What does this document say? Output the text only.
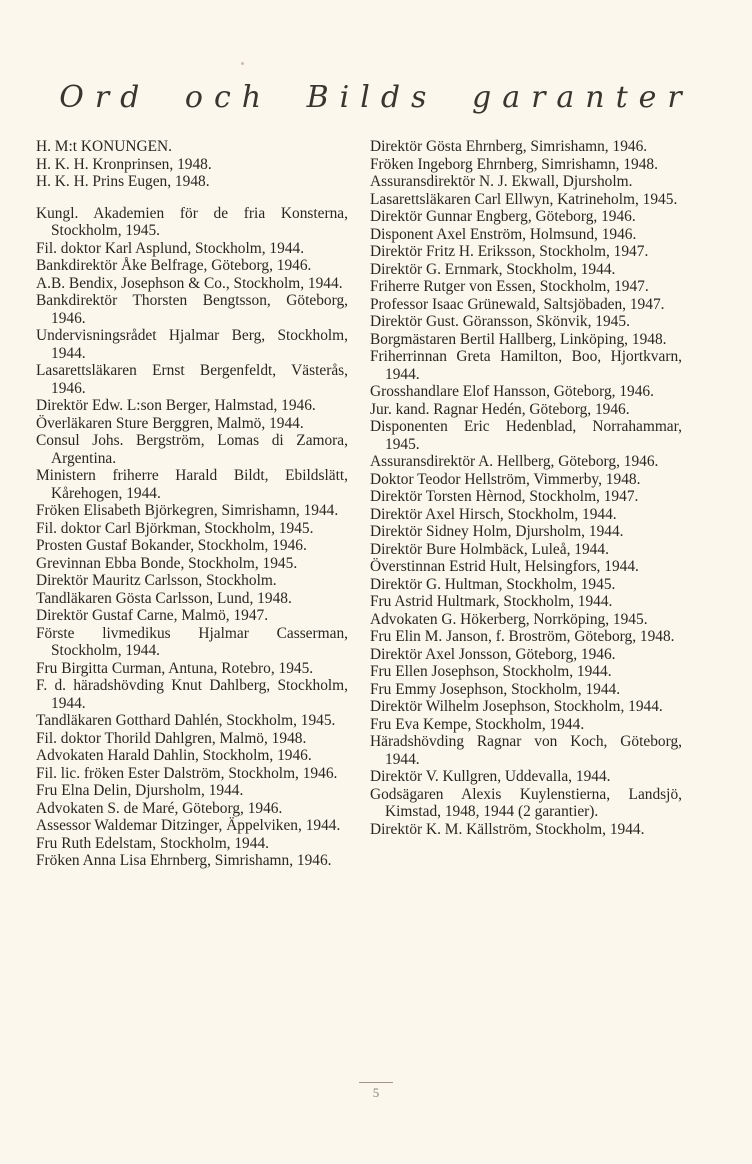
Ord och Bilds garanter

H. M:t KONUNGEN.

H. K. H. Kronprinsen, 1948.

H. K. H. Prins Eugen, 1948.

Kungl. Akademien för de fria Konsterna, Stockholm, 1945.

Fil. doktor Karl Asplund, Stockholm, 1944.

Bankdirektör Åke Belfrage, Göteborg, 1946.

A.B. Bendix, Josephson & Co., Stockholm, 1944.

Bankdirektör Thorsten Bengtsson, Göteborg, 1946.

Undervisningsrådet Hjalmar Berg, Stockholm, 1944.

Lasarettsläkaren Ernst Bergenfeldt, Västerås, 1946.

Direktör Edw. L:son Berger, Halmstad, 1946.

Överläkaren Sture Berggren, Malmö, 1944.

Consul Johs. Bergström, Lomas di Zamora, Argentina.

Ministern friherre Harald Bildt, Ebildslätt, Kårehogen, 1944.

Fröken Elisabeth Björkegren, Simrishamn, 1944.

Fil. doktor Carl Björkman, Stockholm, 1945.

Prosten Gustaf Bokander, Stockholm, 1946.

Grevinnan Ebba Bonde, Stockholm, 1945.

Direktör Mauritz Carlsson, Stockholm.

Tandläkaren Gösta Carlsson, Lund, 1948.

Direktör Gustaf Carne, Malmö, 1947.

Förste livmedikus Hjalmar Casserman, Stockholm, 1944.

Fru Birgitta Curman, Antuna, Rotebro, 1945.

F. d. häradshövding Knut Dahlberg, Stockholm, 1944.

Tandläkaren Gotthard Dahlén, Stockholm, 1945.

Fil. doktor Thorild Dahlgren, Malmö, 1948.

Advokaten Harald Dahlin, Stockholm, 1946.

Fil. lic. fröken Ester Dalström, Stockholm, 1946.

Fru Elna Delin, Djursholm, 1944.

Advokaten S. de Maré, Göteborg, 1946.

Assessor Waldemar Ditzinger, Äppelviken, 1944.

Fru Ruth Edelstam, Stockholm, 1944.

Fröken Anna Lisa Ehrnberg, Simrishamn, 1946.

Direktör Gösta Ehrnberg, Simrishamn, 1946.

Fröken Ingeborg Ehrnberg, Simrishamn, 1948.

Assuransdirektör N. J. Ekwall, Djursholm.

Lasarettsläkaren Carl Ellwyn, Katrineholm, 1945.

Direktör Gunnar Engberg, Göteborg, 1946.

Disponent Axel Enström, Holmsund, 1946.

Direktör Fritz H. Eriksson, Stockholm, 1947.

Direktör G. Ernmark, Stockholm, 1944.

Friherre Rutger von Essen, Stockholm, 1947.

Professor Isaac Grünewald, Saltsjöbaden, 1947.

Direktör Gust. Göransson, Skönvik, 1945.

Borgmästaren Bertil Hallberg, Linköping, 1948.

Friherrinnan Greta Hamilton, Boo, Hjortkvarn, 1944.

Grosshandlare Elof Hansson, Göteborg, 1946.

Jur. kand. Ragnar Hedén, Göteborg, 1946.

Disponenten Eric Hedenblad, Norrahammar, 1945.

Assuransdirektör A. Hellberg, Göteborg, 1946.

Doktor Teodor Hellström, Vimmerby, 1948.

Direktör Torsten Hèrnod, Stockholm, 1947.

Direktör Axel Hirsch, Stockholm, 1944.

Direktör Sidney Holm, Djursholm, 1944.

Direktör Bure Holmbäck, Luleå, 1944.

Överstinnan Estrid Hult, Helsingfors, 1944.

Direktör G. Hultman, Stockholm, 1945.

Fru Astrid Hultmark, Stockholm, 1944.

Advokaten G. Hökerberg, Norrköping, 1945.

Fru Elin M. Janson, f. Broström, Göteborg, 1948.

Direktör Axel Jonsson, Göteborg, 1946.

Fru Ellen Josephson, Stockholm, 1944.

Fru Emmy Josephson, Stockholm, 1944.

Direktör Wilhelm Josephson, Stockholm, 1944.

Fru Eva Kempe, Stockholm, 1944.

Häradshövding Ragnar von Koch, Göteborg, 1944.

Direktör V. Kullgren, Uddevalla, 1944.

Godsägaren Alexis Kuylenstierna, Landsjö, Kimstad, 1948, 1944 (2 garantier).

Direktör K. M. Källström, Stockholm, 1944.

5
